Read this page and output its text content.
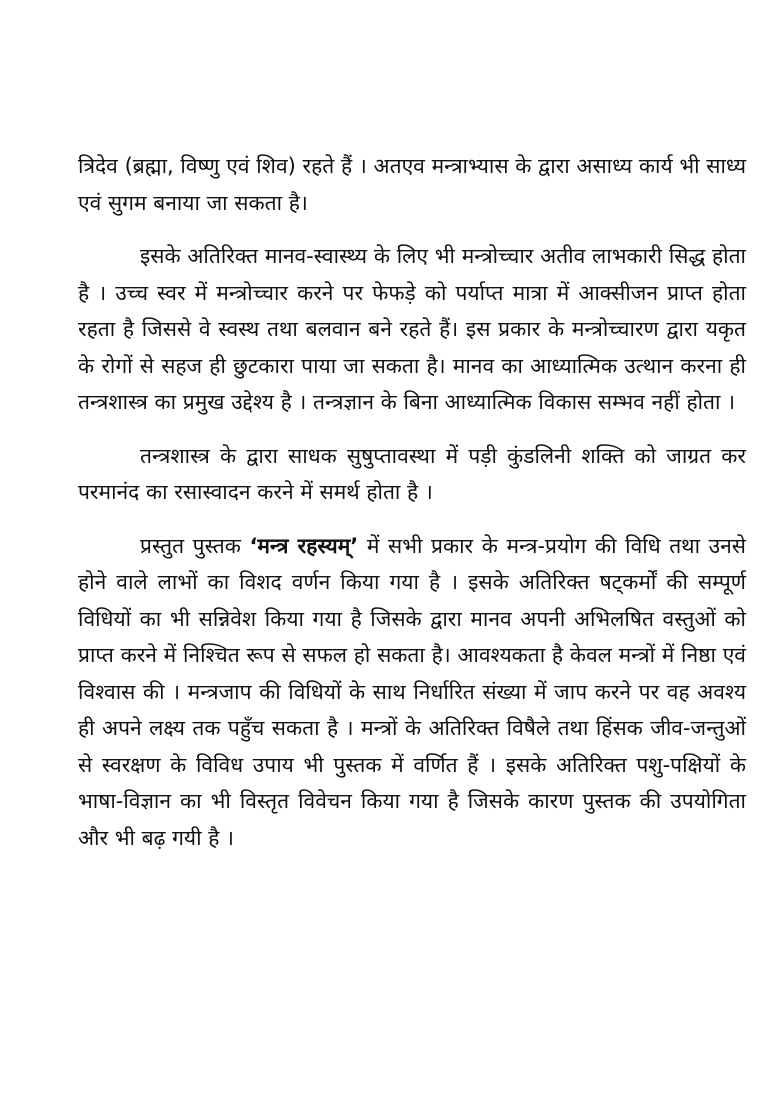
त्रिदेव (ब्रह्मा, विष्णु एवं शिव) रहते हैं । अतएव मन्त्राभ्यास के द्वारा असाध्य कार्य भी साध्य एवं सुगम बनाया जा सकता है।

इसके अतिरिक्त मानव-स्वास्थ्य के लिए भी मन्त्रोच्चार अतीव लाभकारी सिद्ध होता है । उच्च स्वर में मन्त्रोच्चार करने पर फेफड़े को पर्याप्त मात्रा में आक्सीजन प्राप्त होता रहता है जिससे वे स्वस्थ तथा बलवान बने रहते हैं। इस प्रकार के मन्त्रोच्चारण द्वारा यकृत के रोगों से सहज ही छुटकारा पाया जा सकता है। मानव का आध्यात्मिक उत्थान करना ही तन्त्रशास्त्र का प्रमुख उद्देश्य है । तन्त्रज्ञान के बिना आध्यात्मिक विकास सम्भव नहीं होता ।

तन्त्रशास्त्र के द्वारा साधक सुषुप्तावस्था में पड़ी कुंडलिनी शक्ति को जाग्रत कर परमानंद का रसास्वादन करने में समर्थ होता है ।

प्रस्तुत पुस्तक ‘मन्त्र रहस्यम्’ में सभी प्रकार के मन्त्र-प्रयोग की विधि तथा उनसे होने वाले लाभों का विशद वर्णन किया गया है । इसके अतिरिक्त षट्कर्मों की सम्पूर्ण विधियों का भी सन्निवेश किया गया है जिसके द्वारा मानव अपनी अभिलषित वस्तुओं को प्राप्त करने में निश्चित रूप से सफल हो सकता है। आवश्यकता है केवल मन्त्रों में निष्ठा एवं विश्वास की । मन्त्रजाप की विधियों के साथ निर्धारित संख्या में जाप करने पर वह अवश्य ही अपने लक्ष्य तक पहुँच सकता है । मन्त्रों के अतिरिक्त विषैले तथा हिंसक जीव-जन्तुओं से स्वरक्षण के विविध उपाय भी पुस्तक में वर्णित हैं । इसके अतिरिक्त पशु-पक्षियों के भाषा-विज्ञान का भी विस्तृत विवेचन किया गया है जिसके कारण पुस्तक की उपयोगिता और भी बढ़ गयी है ।
